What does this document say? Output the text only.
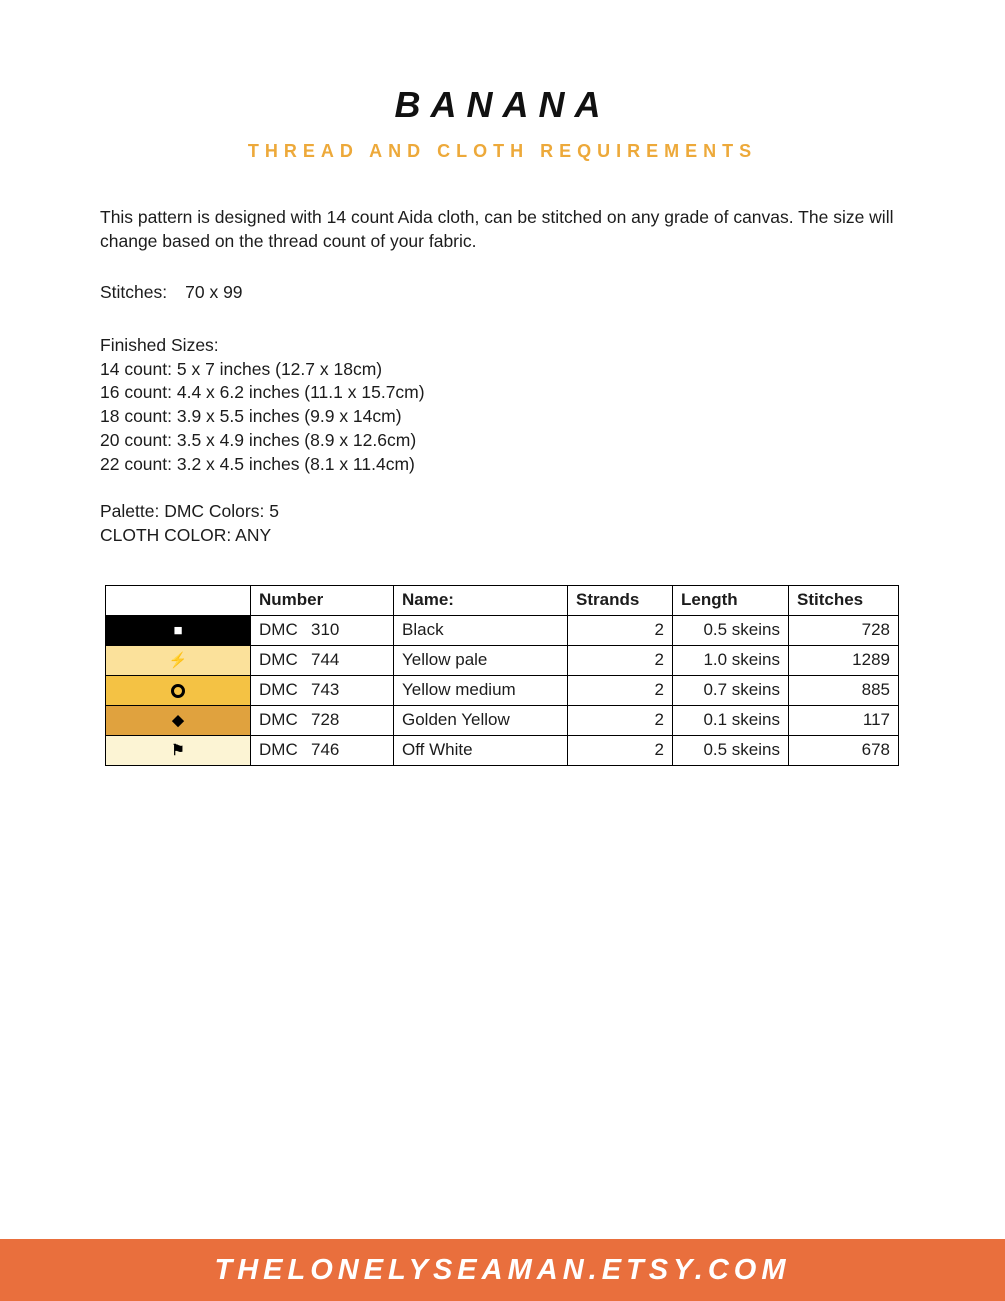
BANANA
THREAD AND CLOTH REQUIREMENTS
This pattern is designed with 14 count Aida cloth, can be stitched on any grade of canvas. The size will change based on the thread count of your fabric.
Stitches: 70 x 99
Finished Sizes:
14 count: 5 x 7 inches (12.7 x 18cm)
16 count: 4.4 x 6.2 inches (11.1 x 15.7cm)
18 count: 3.9 x 5.5 inches (9.9 x 14cm)
20 count: 3.5 x 4.9 inches (8.9 x 12.6cm)
22 count: 3.2 x 4.5 inches (8.1 x 11.4cm)
Palette: DMC Colors: 5
CLOTH COLOR: ANY
	Number	Name:	Strands	Length	Stitches
■	DMC 310	Black	2	0.5 skeins	728
⚡	DMC 744	Yellow pale	2	1.0 skeins	1289
	DMC 743	Yellow medium	2	0.7 skeins	885
◆	DMC 728	Golden Yellow	2	0.1 skeins	117
⚑	DMC 746	Off White	2	0.5 skeins	678
THELONELYSEAMAN.ETSY.COM
